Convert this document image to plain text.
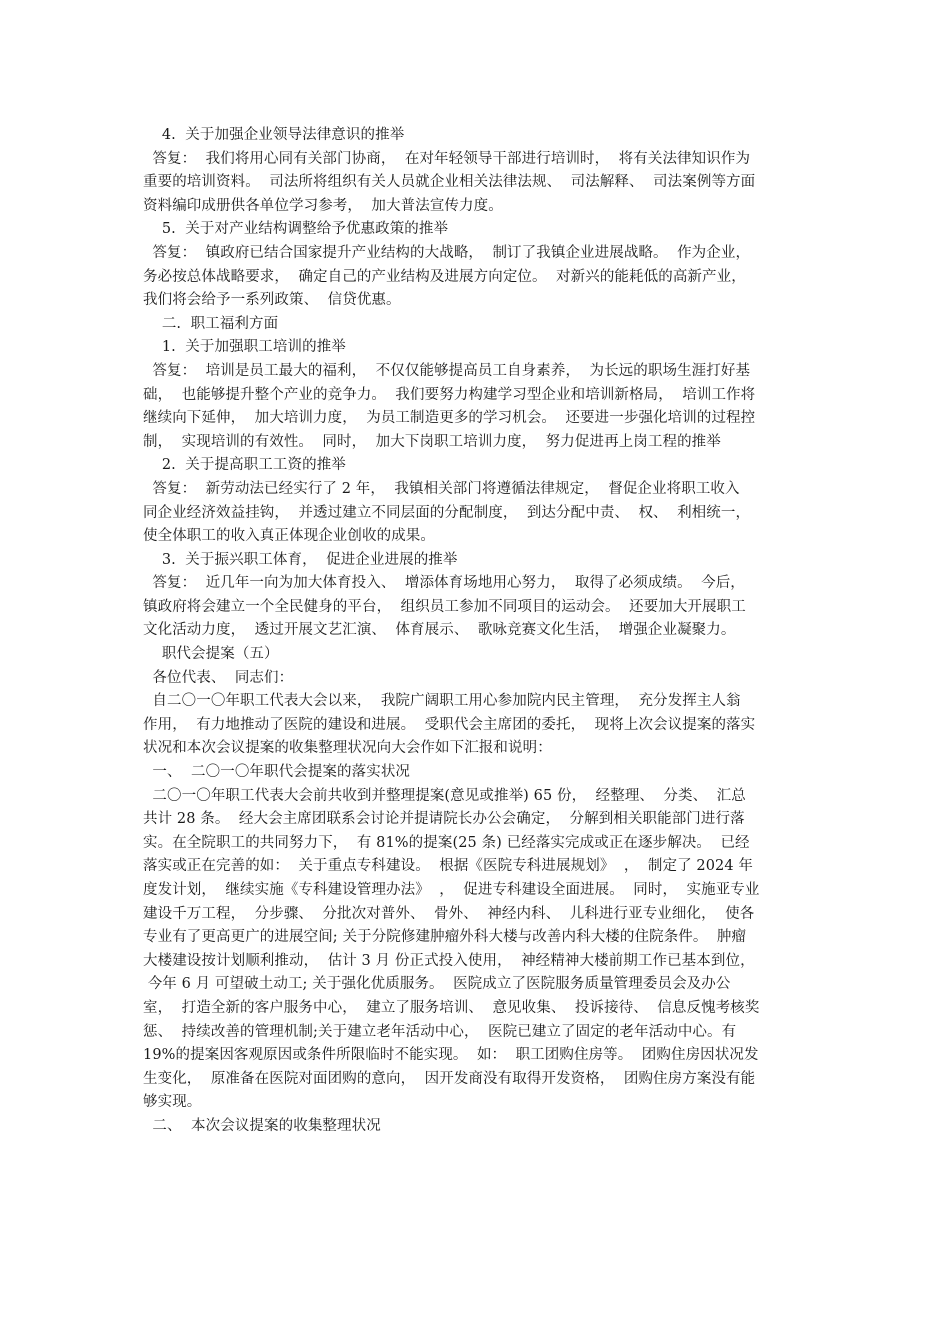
4.  关于加强企业领导法律意识的推举
答复：  我们将用心同有关部门协商，  在对年轻领导干部进行培训时，  将有关法律知识作为
重要的培训资料。  司法所将组织有关人员就企业相关法律法规、  司法解释、  司法案例等方面
资料编印成册供各单位学习参考，  加大普法宣传力度。
5.  关于对产业结构调整给予优惠政策的推举
答复：  镇政府已结合国家提升产业结构的大战略，  制订了我镇企业进展战略。  作为企业，
务必按总体战略要求，  确定自己的产业结构及进展方向定位。  对新兴的能耗低的高新产业，
我们将会给予一系列政策、  信贷优惠。
二.  职工福利方面
1.  关于加强职工培训的推举
答复：  培训是员工最大的福利，  不仅仅能够提高员工自身素养，  为长远的职场生涯打好基
础，  也能够提升整个产业的竞争力。  我们要努力构建学习型企业和培训新格局，  培训工作将
继续向下延伸，  加大培训力度，  为员工制造更多的学习机会。  还要进一步强化培训的过程控
制，  实现培训的有效性。  同时，  加大下岗职工培训力度，  努力促进再上岗工程的推举
2.  关于提高职工工资的推举
答复：  新劳动法已经实行了 2 年，  我镇相关部门将遵循法律规定，  督促企业将职工收入
同企业经济效益挂钩，  并透过建立不同层面的分配制度，  到达分配中责、  权、  利相统一，
使全体职工的收入真正体现企业创收的成果。
3.  关于振兴职工体育，  促进企业进展的推举
答复：  近几年一向为加大体育投入、  增添体育场地用心努力，  取得了必须成绩。  今后，
镇政府将会建立一个全民健身的平台，  组织员工参加不同项目的运动会。  还要加大开展职工
文化活动力度，  透过开展文艺汇演、  体育展示、  歌咏竞赛文化生活，  增强企业凝聚力。
职代会提案（五）
各位代表、  同志们：
自二〇一〇年职工代表大会以来，  我院广阔职工用心参加院内民主管理，  充分发挥主人翁
作用，  有力地推动了医院的建设和进展。  受职代会主席团的委托，  现将上次会议提案的落实
状况和本次会议提案的收集整理状况向大会作如下汇报和说明：
一、  二〇一〇年职代会提案的落实状况
二〇一〇年职工代表大会前共收到并整理提案(意见或推举) 65 份，  经整理、  分类、  汇总
共计 28 条。  经大会主席团联系会讨论并提请院长办公会确定，  分解到相关职能部门进行落
实。在全院职工的共同努力下，  有 81%的提案(25 条) 已经落实完成或正在逐步解决。  已经
落实或正在完善的如：  关于重点专科建设。  根据《医院专科进展规划》  ，  制定了 2024 年
度发计划，  继续实施《专科建设管理办法》  ，  促进专科建设全面进展。  同时，  实施亚专业
建设千万工程，  分步骤、  分批次对普外、  骨外、  神经内科、  儿科进行亚专业细化，  使各
专业有了更高更广的进展空间; 关于分院修建肿瘤外科大楼与改善内科大楼的住院条件。  肿瘤
大楼建设按计划顺利推动，  估计 3 月 份正式投入使用，  神经精神大楼前期工作已基本到位，
今年 6 月 可望破土动工; 关于强化优质服务。  医院成立了医院服务质量管理委员会及办公
室，  打造全新的客户服务中心，  建立了服务培训、  意见收集、  投诉接待、  信息反愧考核奖
惩、  持续改善的管理机制;关于建立老年活动中心，  医院已建立了固定的老年活动中心。有
19%的提案因客观原因或条件所限临时不能实现。  如：  职工团购住房等。  团购住房因状况发
生变化，  原准备在医院对面团购的意向，  因开发商没有取得开发资格，  团购住房方案没有能
够实现。
二、  本次会议提案的收集整理状况
